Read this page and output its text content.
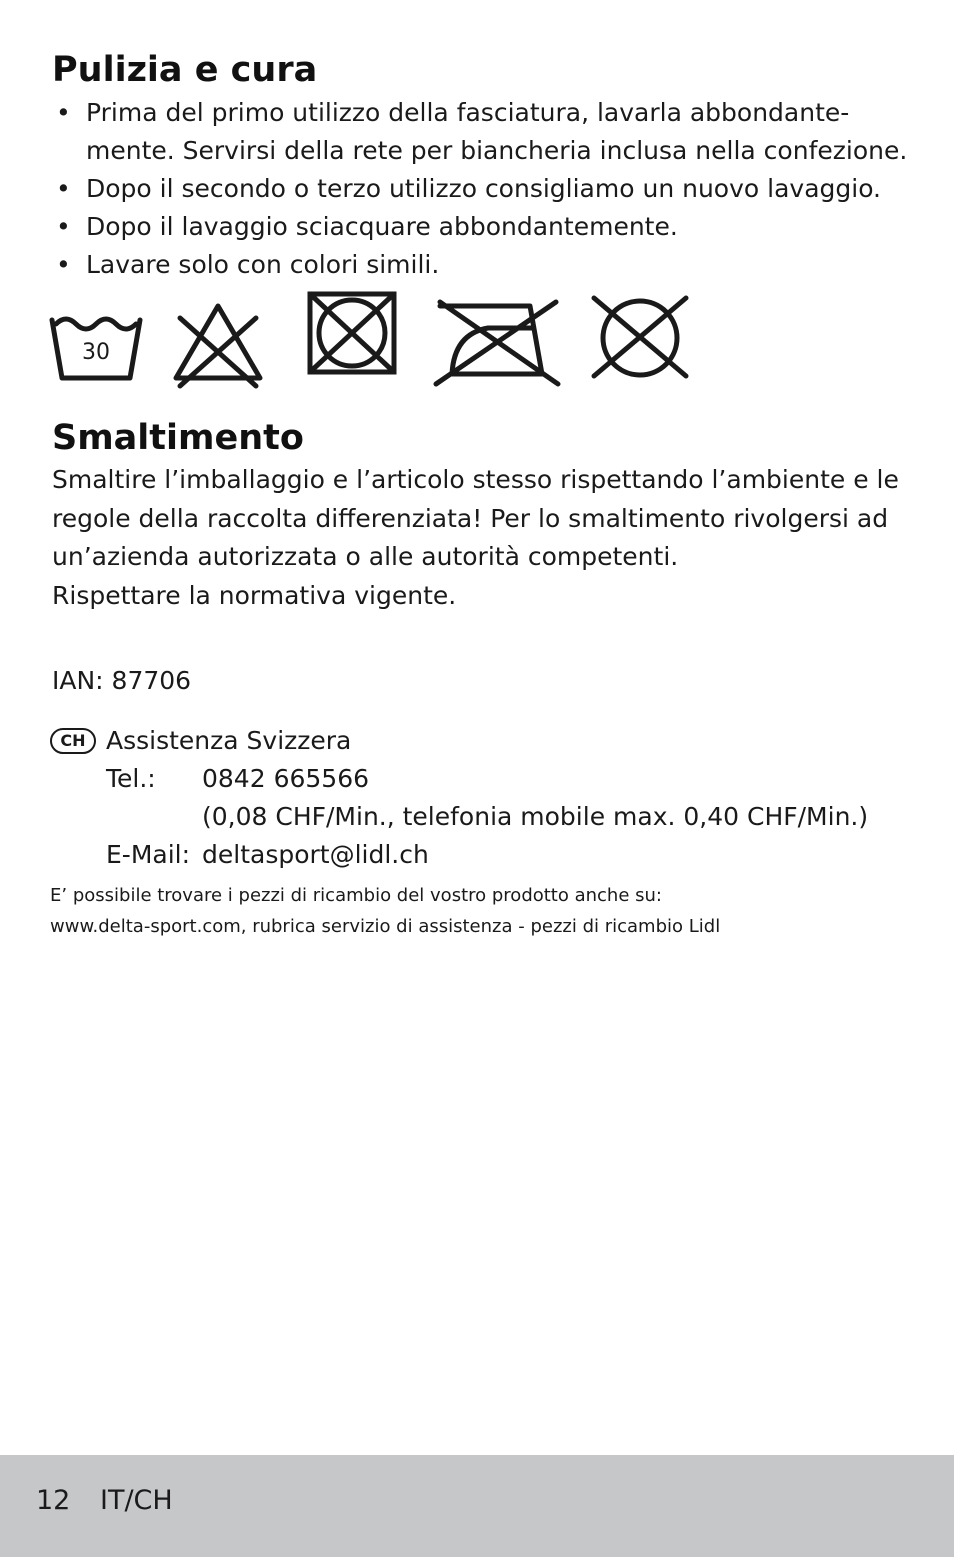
Pulizia e cura
• Prima del primo utilizzo della fasciatura, lavarla abbondante-mente. Servirsi della rete per biancheria inclusa nella confezione.
• Dopo il secondo o terzo utilizzo consigliamo un nuovo lavaggio.
• Dopo il lavaggio sciacquare abbondantemente.
• Lavare solo con colori simili.
30
Smaltimento

Smaltire l’imballaggio e l’articolo stesso rispettando l’ambiente e le regole della raccolta differenziata! Per lo smaltimento rivolgersi ad un’azienda autorizzata o alle autorità competenti.
Rispettare la normativa vigente.

IAN: 87706
CH Assistenza Svizzera
Tel.: 0842 665566
(0,08 CHF/Min., telefonia mobile max. 0,40 CHF/Min.)
E-Mail: deltasport@lidl.ch
E’ possibile trovare i pezzi di ricambio del vostro prodotto anche su:
www.delta-sport.com, rubrica servizio di assistenza - pezzi di ricambio Lidl
12 IT/CH
